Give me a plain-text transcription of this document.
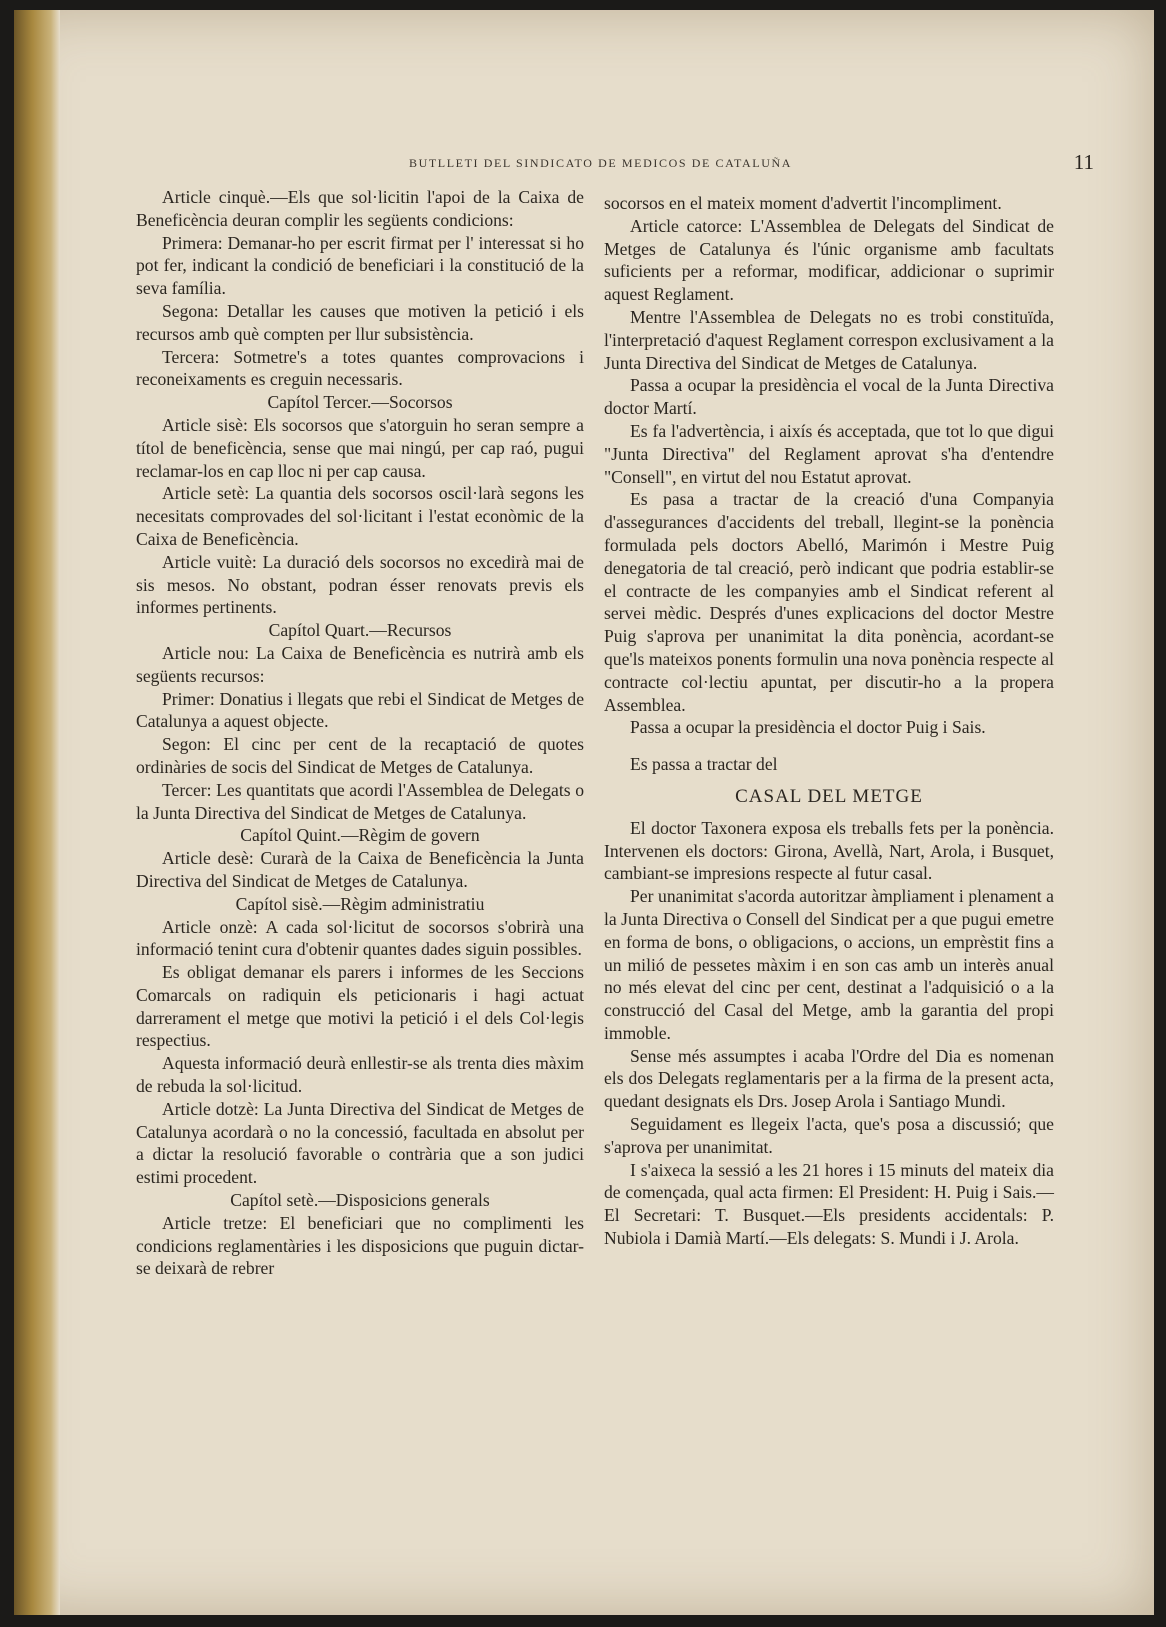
BUTLLETI DEL SINDICATO DE MEDICOS DE CATALUÑA	11

Article cinquè.—Els que sol·licitin l'apoi de la Caixa de Beneficència deuran complir les següents condicions:

Primera: Demanar-ho per escrit firmat per l' interessat si ho pot fer, indicant la condició de beneficiari i la constitució de la seva família.

Segona: Detallar les causes que motiven la petició i els recursos amb què compten per llur subsistència.

Tercera: Sotmetre's a totes quantes comprovacions i reconeixaments es creguin necessaris.

Capítol Tercer.—Socorsos

Article sisè: Els socorsos que s'atorguin ho seran sempre a títol de beneficència, sense que mai ningú, per cap raó, pugui reclamar-los en cap lloc ni per cap causa.

Article setè: La quantia dels socorsos oscil·larà segons les necesitats comprovades del sol·licitant i l'estat econòmic de la Caixa de Beneficència.

Article vuitè: La duració dels socorsos no excedirà mai de sis mesos. No obstant, podran ésser renovats previs els informes pertinents.

Capítol Quart.—Recursos

Article nou: La Caixa de Beneficència es nutrirà amb els següents recursos:

Primer: Donatius i llegats que rebi el Sindicat de Metges de Catalunya a aquest objecte.

Segon: El cinc per cent de la recaptació de quotes ordinàries de socis del Sindicat de Metges de Catalunya.

Tercer: Les quantitats que acordi l'Assemblea de Delegats o la Junta Directiva del Sindicat de Metges de Catalunya.

Capítol Quint.—Règim de govern

Article desè: Curarà de la Caixa de Beneficència la Junta Directiva del Sindicat de Metges de Catalunya.

Capítol sisè.—Règim administratiu

Article onzè: A cada sol·licitut de socorsos s'obrirà una informació tenint cura d'obtenir quantes dades siguin possibles.

Es obligat demanar els parers i informes de les Seccions Comarcals on radiquin els peticionaris i hagi actuat darrerament el metge que motivi la petició i el dels Col·legis respectius.

Aquesta informació deurà enllestir-se als trenta dies màxim de rebuda la sol·licitud.

Article dotzè: La Junta Directiva del Sindicat de Metges de Catalunya acordarà o no la concessió, facultada en absolut per a dictar la resolució favorable o contrària que a son judici estimi procedent.

Capítol setè.—Disposicions generals

Article tretze: El beneficiari que no complimenti les condicions reglamentàries i les disposicions que puguin dictar-se deixarà de rebrer

socorsos en el mateix moment d'advertit l'incompliment.

Article catorce: L'Assemblea de Delegats del Sindicat de Metges de Catalunya és l'únic organisme amb facultats suficients per a reformar, modificar, addicionar o suprimir aquest Reglament.

Mentre l'Assemblea de Delegats no es trobi constituïda, l'interpretació d'aquest Reglament correspon exclusivament a la Junta Directiva del Sindicat de Metges de Catalunya.

Passa a ocupar la presidència el vocal de la Junta Directiva doctor Martí.

Es fa l'advertència, i aixís és acceptada, que tot lo que digui "Junta Directiva" del Reglament aprovat s'ha d'entendre "Consell", en virtut del nou Estatut aprovat.

Es pasa a tractar de la creació d'una Companyia d'assegurances d'accidents del treball, llegint-se la ponència formulada pels doctors Abelló, Marimón i Mestre Puig denegatoria de tal creació, però indicant que podria establir-se el contracte de les companyies amb el Sindicat referent al servei mèdic. Després d'unes explicacions del doctor Mestre Puig s'aprova per unanimitat la dita ponència, acordant-se que'ls mateixos ponents formulin una nova ponència respecte al contracte col·lectiu apuntat, per discutir-ho a la propera Assemblea.

Passa a ocupar la presidència el doctor Puig i Sais.

Es passa a tractar del

CASAL DEL METGE

El doctor Taxonera exposa els treballs fets per la ponència. Intervenen els doctors: Girona, Avellà, Nart, Arola, i Busquet, cambiant-se impresions respecte al futur casal.

Per unanimitat s'acorda autoritzar àmpliament i plenament a la Junta Directiva o Consell del Sindicat per a que pugui emetre en forma de bons, o obligacions, o accions, un emprèstit fins a un milió de pessetes màxim i en son cas amb un interès anual no més elevat del cinc per cent, destinat a l'adquisició o a la construcció del Casal del Metge, amb la garantia del propi immoble.

Sense més assumptes i acaba l'Ordre del Dia es nomenan els dos Delegats reglamentaris per a la firma de la present acta, quedant designats els Drs. Josep Arola i Santiago Mundi.

Seguidament es llegeix l'acta, que's posa a discussió; que s'aprova per unanimitat.

I s'aixeca la sessió a les 21 hores i 15 minuts del mateix dia de començada, qual acta firmen: El President: H. Puig i Sais.—El Secretari: T. Busquet.—Els presidents accidentals: P. Nubiola i Damià Martí.—Els delegats: S. Mundi i J. Arola.
